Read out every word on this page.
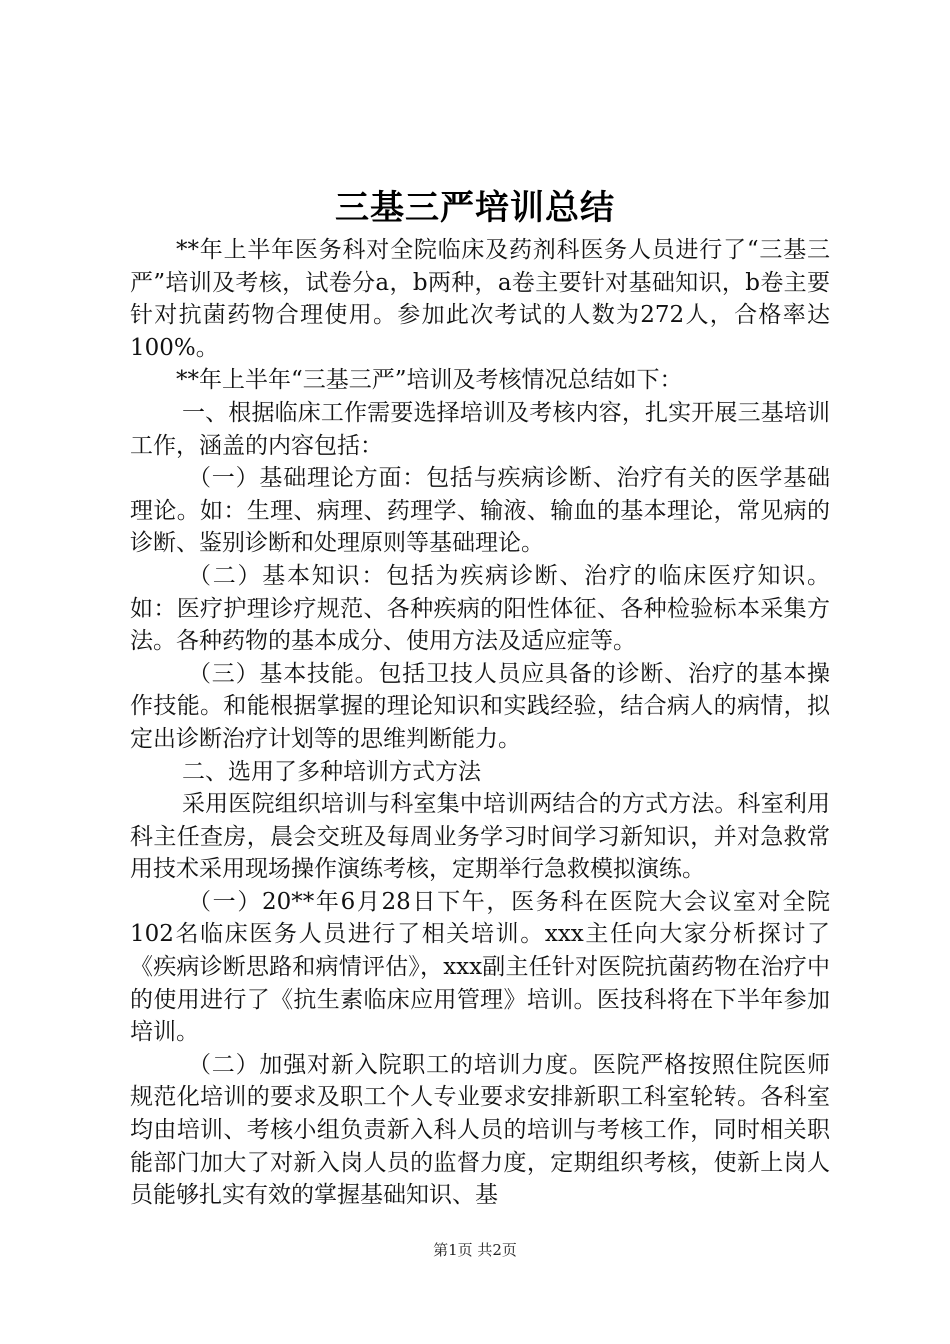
三基三严培训总结

**年上半年医务科对全院临床及药剂科医务人员进行了“三基三严”培训及考核，试卷分a，b两种，a卷主要针对基础知识，b卷主要针对抗菌药物合理使用。参加此次考试的人数为272人，合格率达100%。

**年上半年“三基三严”培训及考核情况总结如下：

一、根据临床工作需要选择培训及考核内容，扎实开展三基培训工作，涵盖的内容包括：

（一）基础理论方面：包括与疾病诊断、治疗有关的医学基础理论。如：生理、病理、药理学、输液、输血的基本理论，常见病的诊断、鉴别诊断和处理原则等基础理论。

（二）基本知识：包括为疾病诊断、治疗的临床医疗知识。如：医疗护理诊疗规范、各种疾病的阳性体征、各种检验标本采集方法。各种药物的基本成分、使用方法及适应症等。

（三）基本技能。包括卫技人员应具备的诊断、治疗的基本操作技能。和能根据掌握的理论知识和实践经验，结合病人的病情，拟定出诊断治疗计划等的思维判断能力。

二、选用了多种培训方式方法

采用医院组织培训与科室集中培训两结合的方式方法。科室利用科主任查房，晨会交班及每周业务学习时间学习新知识，并对急救常用技术采用现场操作演练考核，定期举行急救模拟演练。

（一）20**年6月28日下午，医务科在医院大会议室对全院102名临床医务人员进行了相关培训。xxx主任向大家分析探讨了《疾病诊断思路和病情评估》，xxx副主任针对医院抗菌药物在治疗中的使用进行了《抗生素临床应用管理》培训。医技科将在下半年参加培训。

（二）加强对新入院职工的培训力度。医院严格按照住院医师规范化培训的要求及职工个人专业要求安排新职工科室轮转。各科室均由培训、考核小组负责新入科人员的培训与考核工作，同时相关职能部门加大了对新入岗人员的监督力度，定期组织考核，使新上岗人员能够扎实有效的掌握基础知识、基

第1页 共2页
